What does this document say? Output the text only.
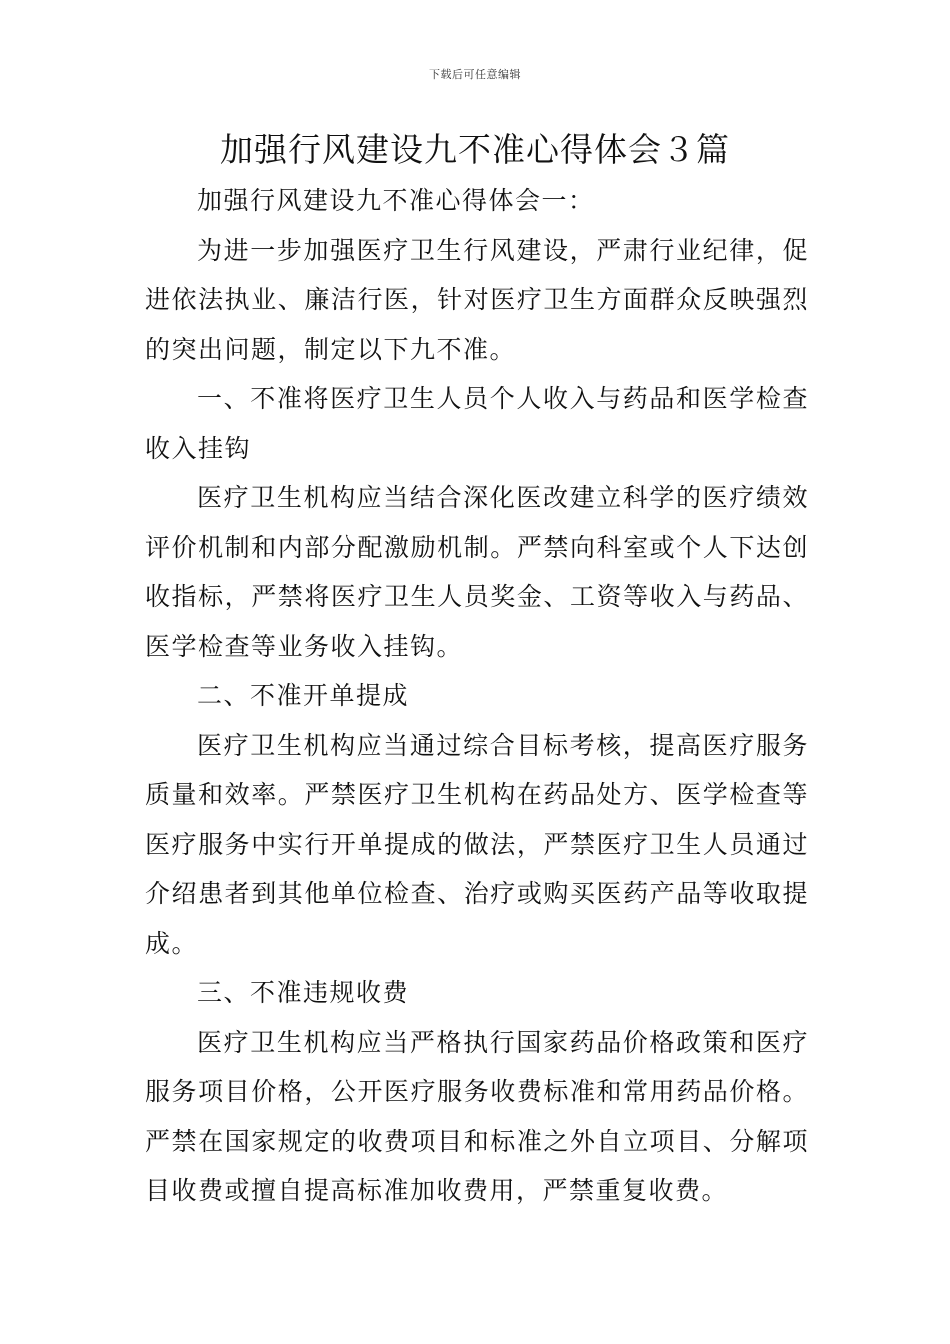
下载后可任意编辑
加强行风建设九不准心得体会３篇

加强行风建设九不准心得体会一：

为进一步加强医疗卫生行风建设，严肃行业纪律，促进依法执业、廉洁行医，针对医疗卫生方面群众反映强烈的突出问题，制定以下九不准。

一、不准将医疗卫生人员个人收入与药品和医学检查收入挂钩

医疗卫生机构应当结合深化医改建立科学的医疗绩效评价机制和内部分配激励机制。严禁向科室或个人下达创收指标，严禁将医疗卫生人员奖金、工资等收入与药品、医学检查等业务收入挂钩。

二、不准开单提成

医疗卫生机构应当通过综合目标考核，提高医疗服务质量和效率。严禁医疗卫生机构在药品处方、医学检查等医疗服务中实行开单提成的做法，严禁医疗卫生人员通过介绍患者到其他单位检查、治疗或购买医药产品等收取提成。

三、不准违规收费

医疗卫生机构应当严格执行国家药品价格政策和医疗服务项目价格，公开医疗服务收费标准和常用药品价格。严禁在国家规定的收费项目和标准之外自立项目、分解项目收费或擅自提高标准加收费用，严禁重复收费。
